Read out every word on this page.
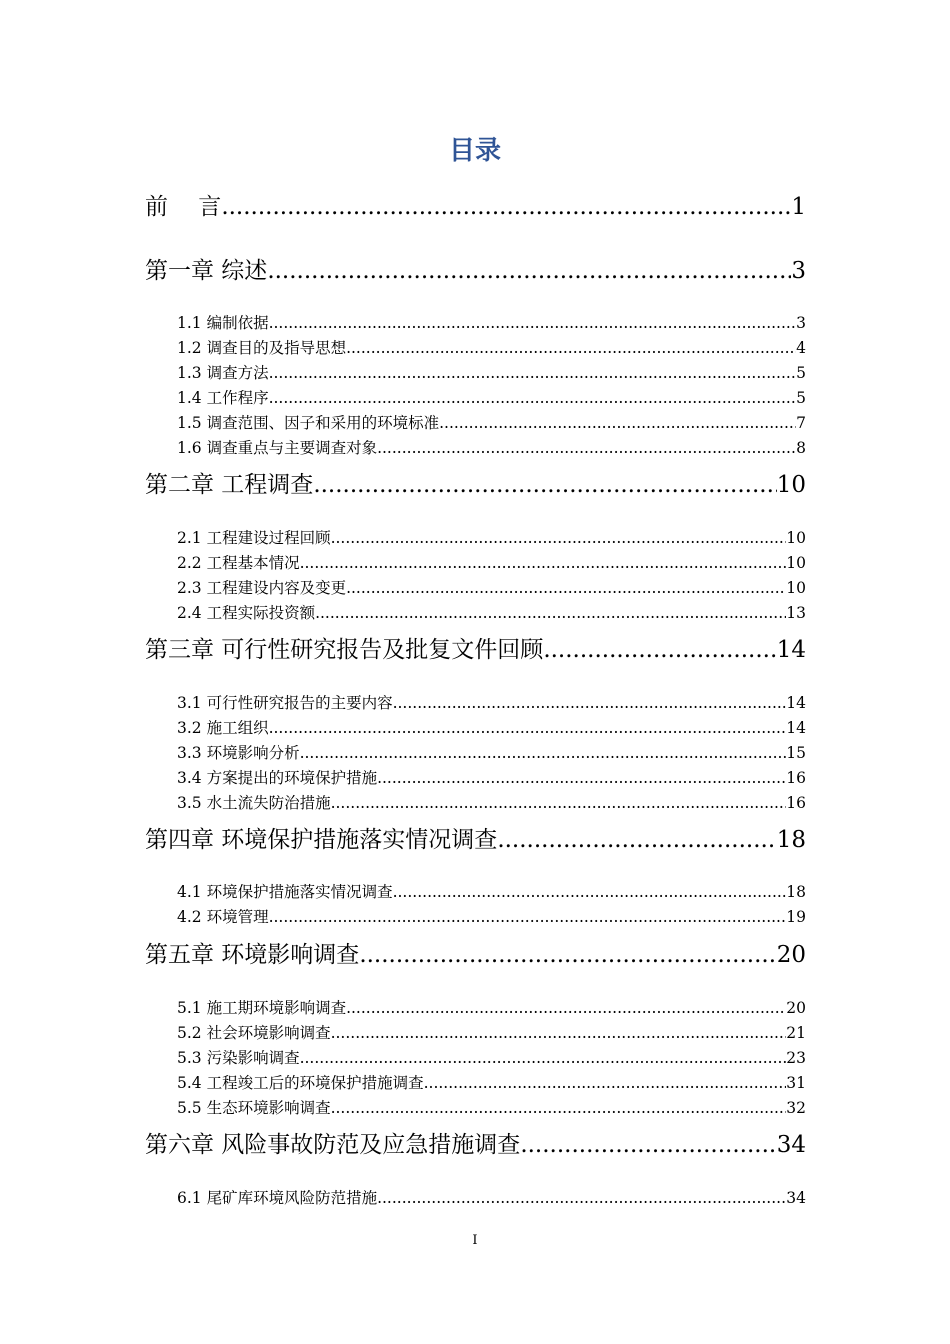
目录
前　 言 .....	1
第一章 综述 .....	3
1.1 编制依据 .....	3
1.2 调查目的及指导思想 .....	4
1.3 调查方法 .....	5
1.4 工作程序 .....	5
1.5 调查范围、因子和采用的环境标准 .....	7
1.6 调查重点与主要调查对象 .....	8
第二章 工程调查 .....	10
2.1 工程建设过程回顾 .....	10
2.2 工程基本情况 .....	10
2.3 工程建设内容及变更 .....	10
2.4 工程实际投资额 .....	13
第三章 可行性研究报告及批复文件回顾 .....	14
3.1 可行性研究报告的主要内容 .....	14
3.2 施工组织 .....	14
3.3 环境影响分析 .....	15
3.4 方案提出的环境保护措施 .....	16
3.5 水土流失防治措施 .....	16
第四章 环境保护措施落实情况调查 .....	18
4.1 环境保护措施落实情况调查 .....	18
4.2 环境管理 .....	19
第五章 环境影响调查 .....	20
5.1 施工期环境影响调查 .....	20
5.2 社会环境影响调查 .....	21
5.3 污染影响调查 .....	23
5.4 工程竣工后的环境保护措施调查 .....	31
5.5 生态环境影响调查 .....	32
第六章 风险事故防范及应急措施调查 .....	34
6.1 尾矿库环境风险防范措施 .....	34
I
